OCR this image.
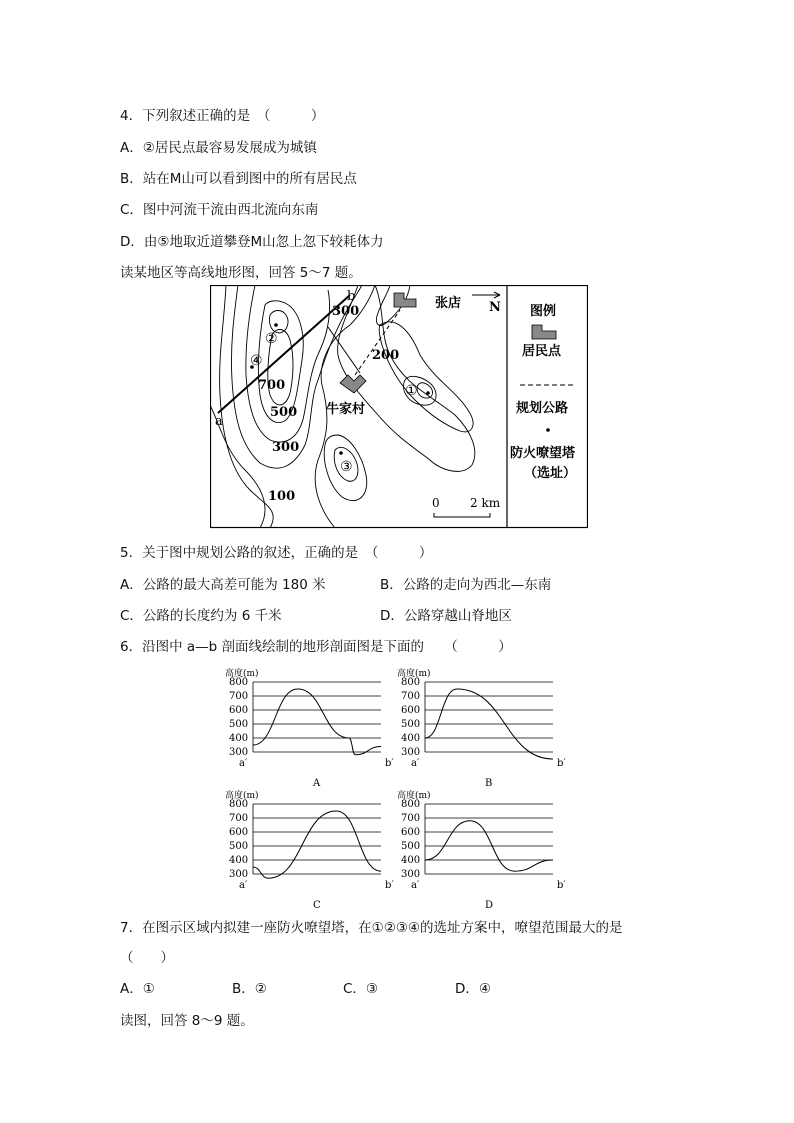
4．下列叙述正确的是　（　　　）
A．②居民点最容易发展成为城镇
B．站在M山可以看到图中的所有居民点
C．图中河流干流由西北流向东南
D．由⑤地取近道攀登M山忽上忽下较耗体力
读某地区等高线地形图，回答 5～7 题。
b
a
张店 N
300
200
700
500
300
100
牛家村
②
④
①
③
0	2 km
图例
居民点
规划公路
防火嘹望塔
（选址）
5．关于图中规划公路的叙述，正确的是　（　　　）
A．公路的最大高差可能为 180 米	B．公路的走向为西北—东南
C．公路的长度约为 6 千米	D．公路穿越山脊地区
6．沿图中 a—b 剖面线绘制的地形剖面图是下面的　　（　　　）
高度(m)
800
700
600
500
400
300
a′	b′
A
高度(m)
800
700
600
500
400
300
a′	b′
B
高度(m)
800
700
600
500
400
300
a′	b′
C
高度(m)
800
700
600
500
400
300
a′	b′
D
7．在图示区域内拟建一座防火嘹望塔，在①②③④的选址方案中，嘹望范围最大的是
（　　）
A．①	B．②	C．③	D．④
读图，回答 8～9 题。
